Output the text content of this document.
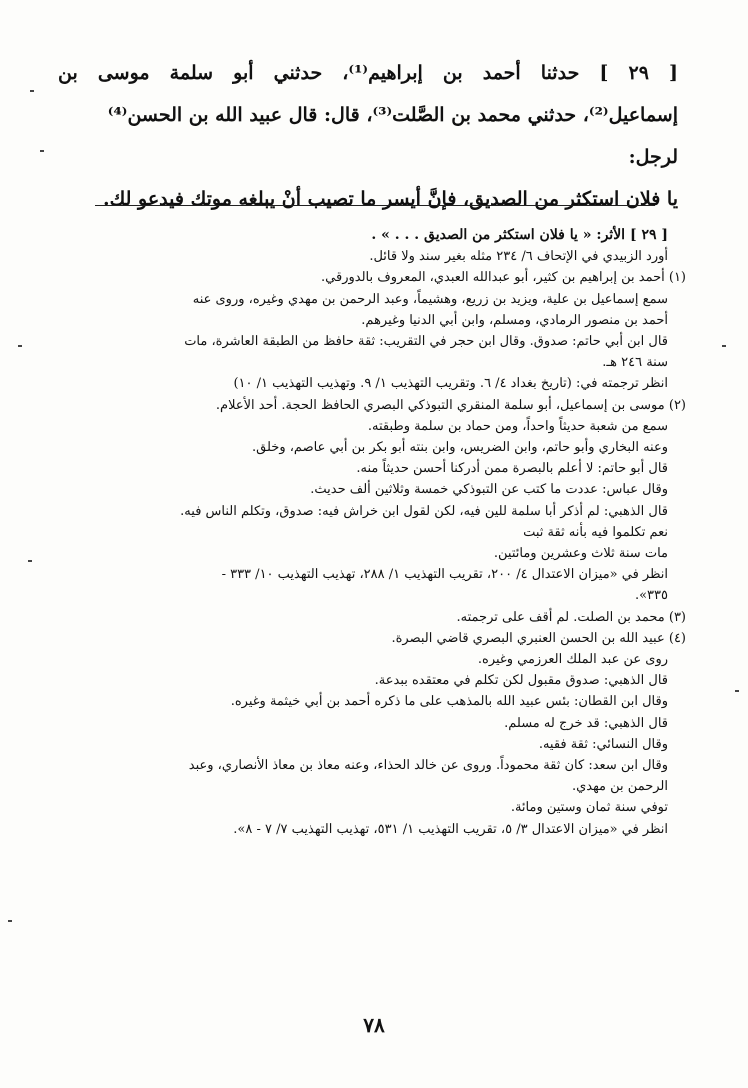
[ ٢٩ ] حدثنا أحمد بن إبراهيم⁽¹⁾، حدثني أبو سلمة موسى بن

إسماعيل⁽²⁾، حدثني محمد بن الصَّلت⁽³⁾، قال: قال عبيد الله بن الحسن⁽⁴⁾

لرجل:

يا فلان استكثر من الصديق، فإنَّ أيسر ما تصيب أنْ يبلغه موتك فيدعو لك.

[ ٢٩ ] الأثر: « يا فلان استكثر من الصديق . . . » .

أورد الزبيدي في الإتحاف ٦/ ٢٣٤ مثله بغير سند ولا قائل.

(١) أحمد بن إبراهيم بن كثير، أبو عبدالله العبدي، المعروف بالدورقي.

سمع إسماعيل بن علية، ويزيد بن زريع، وهشيماً، وعبد الرحمن بن مهدي وغيره، وروى عنه

أحمد بن منصور الرمادي، ومسلم، وابن أبي الدنيا وغيرهم.

قال ابن أبي حاتم: صدوق. وقال ابن حجر في التقريب: ثقة حافظ من الطبقة العاشرة، مات

سنة ٢٤٦ هـ.

انظر ترجمته في: (تاريخ بغداد ٤/ ٦. وتقريب التهذيب ١/ ٩. وتهذيب التهذيب ١/ ١٠)

(٢) موسى بن إسماعيل، أبو سلمة المنقري التبوذكي البصري الحافظ الحجة. أحد الأعلام.

سمع من شعبة حديثاً واحداً، ومن حماد بن سلمة وطبقته.

وعنه البخاري وأبو حاتم، وابن الضريس، وابن بنته أبو بكر بن أبي عاصم، وخلق.

قال أبو حاتم: لا أعلم بالبصرة ممن أدركنا أحسن حديثاً منه.

وقال عباس: عددت ما كتب عن التبوذكي خمسة وثلاثين ألف حديث.

قال الذهبي: لم أذكر أبا سلمة للين فيه، لكن لقول ابن خراش فيه: صدوق، وتكلم الناس فيه.

نعم تكلموا فيه بأنه ثقة ثبت

مات سنة ثلاث وعشرين ومائتين.

انظر في «ميزان الاعتدال ٤/ ٢٠٠، تقريب التهذيب ١/ ٢٨٨، تهذيب التهذيب ١٠/ ٣٣٣ -

٣٣٥».

(٣) محمد بن الصلت. لم أقف على ترجمته.

(٤) عبيد الله بن الحسن العنبري البصري قاضي البصرة.

روى عن عبد الملك العرزمي وغيره.

قال الذهبي: صدوق مقبول لكن تكلم في معتقده ببدعة.

وقال ابن القطان: بئس عبيد الله بالمذهب على ما ذكره أحمد بن أبي خيثمة وغيره.

قال الذهبي: قد خرج له مسلم.

وقال النسائي: ثقة فقيه.

وقال ابن سعد: كان ثقة محموداً. وروى عن خالد الحذاء، وعنه معاذ بن معاذ الأنصاري، وعبد

الرحمن بن مهدي.

توفي سنة ثمان وستين ومائة.

انظر في «ميزان الاعتدال ٣/ ٥، تقريب التهذيب ١/ ٥٣١، تهذيب التهذيب ٧/ ٧ - ٨».

٧٨
